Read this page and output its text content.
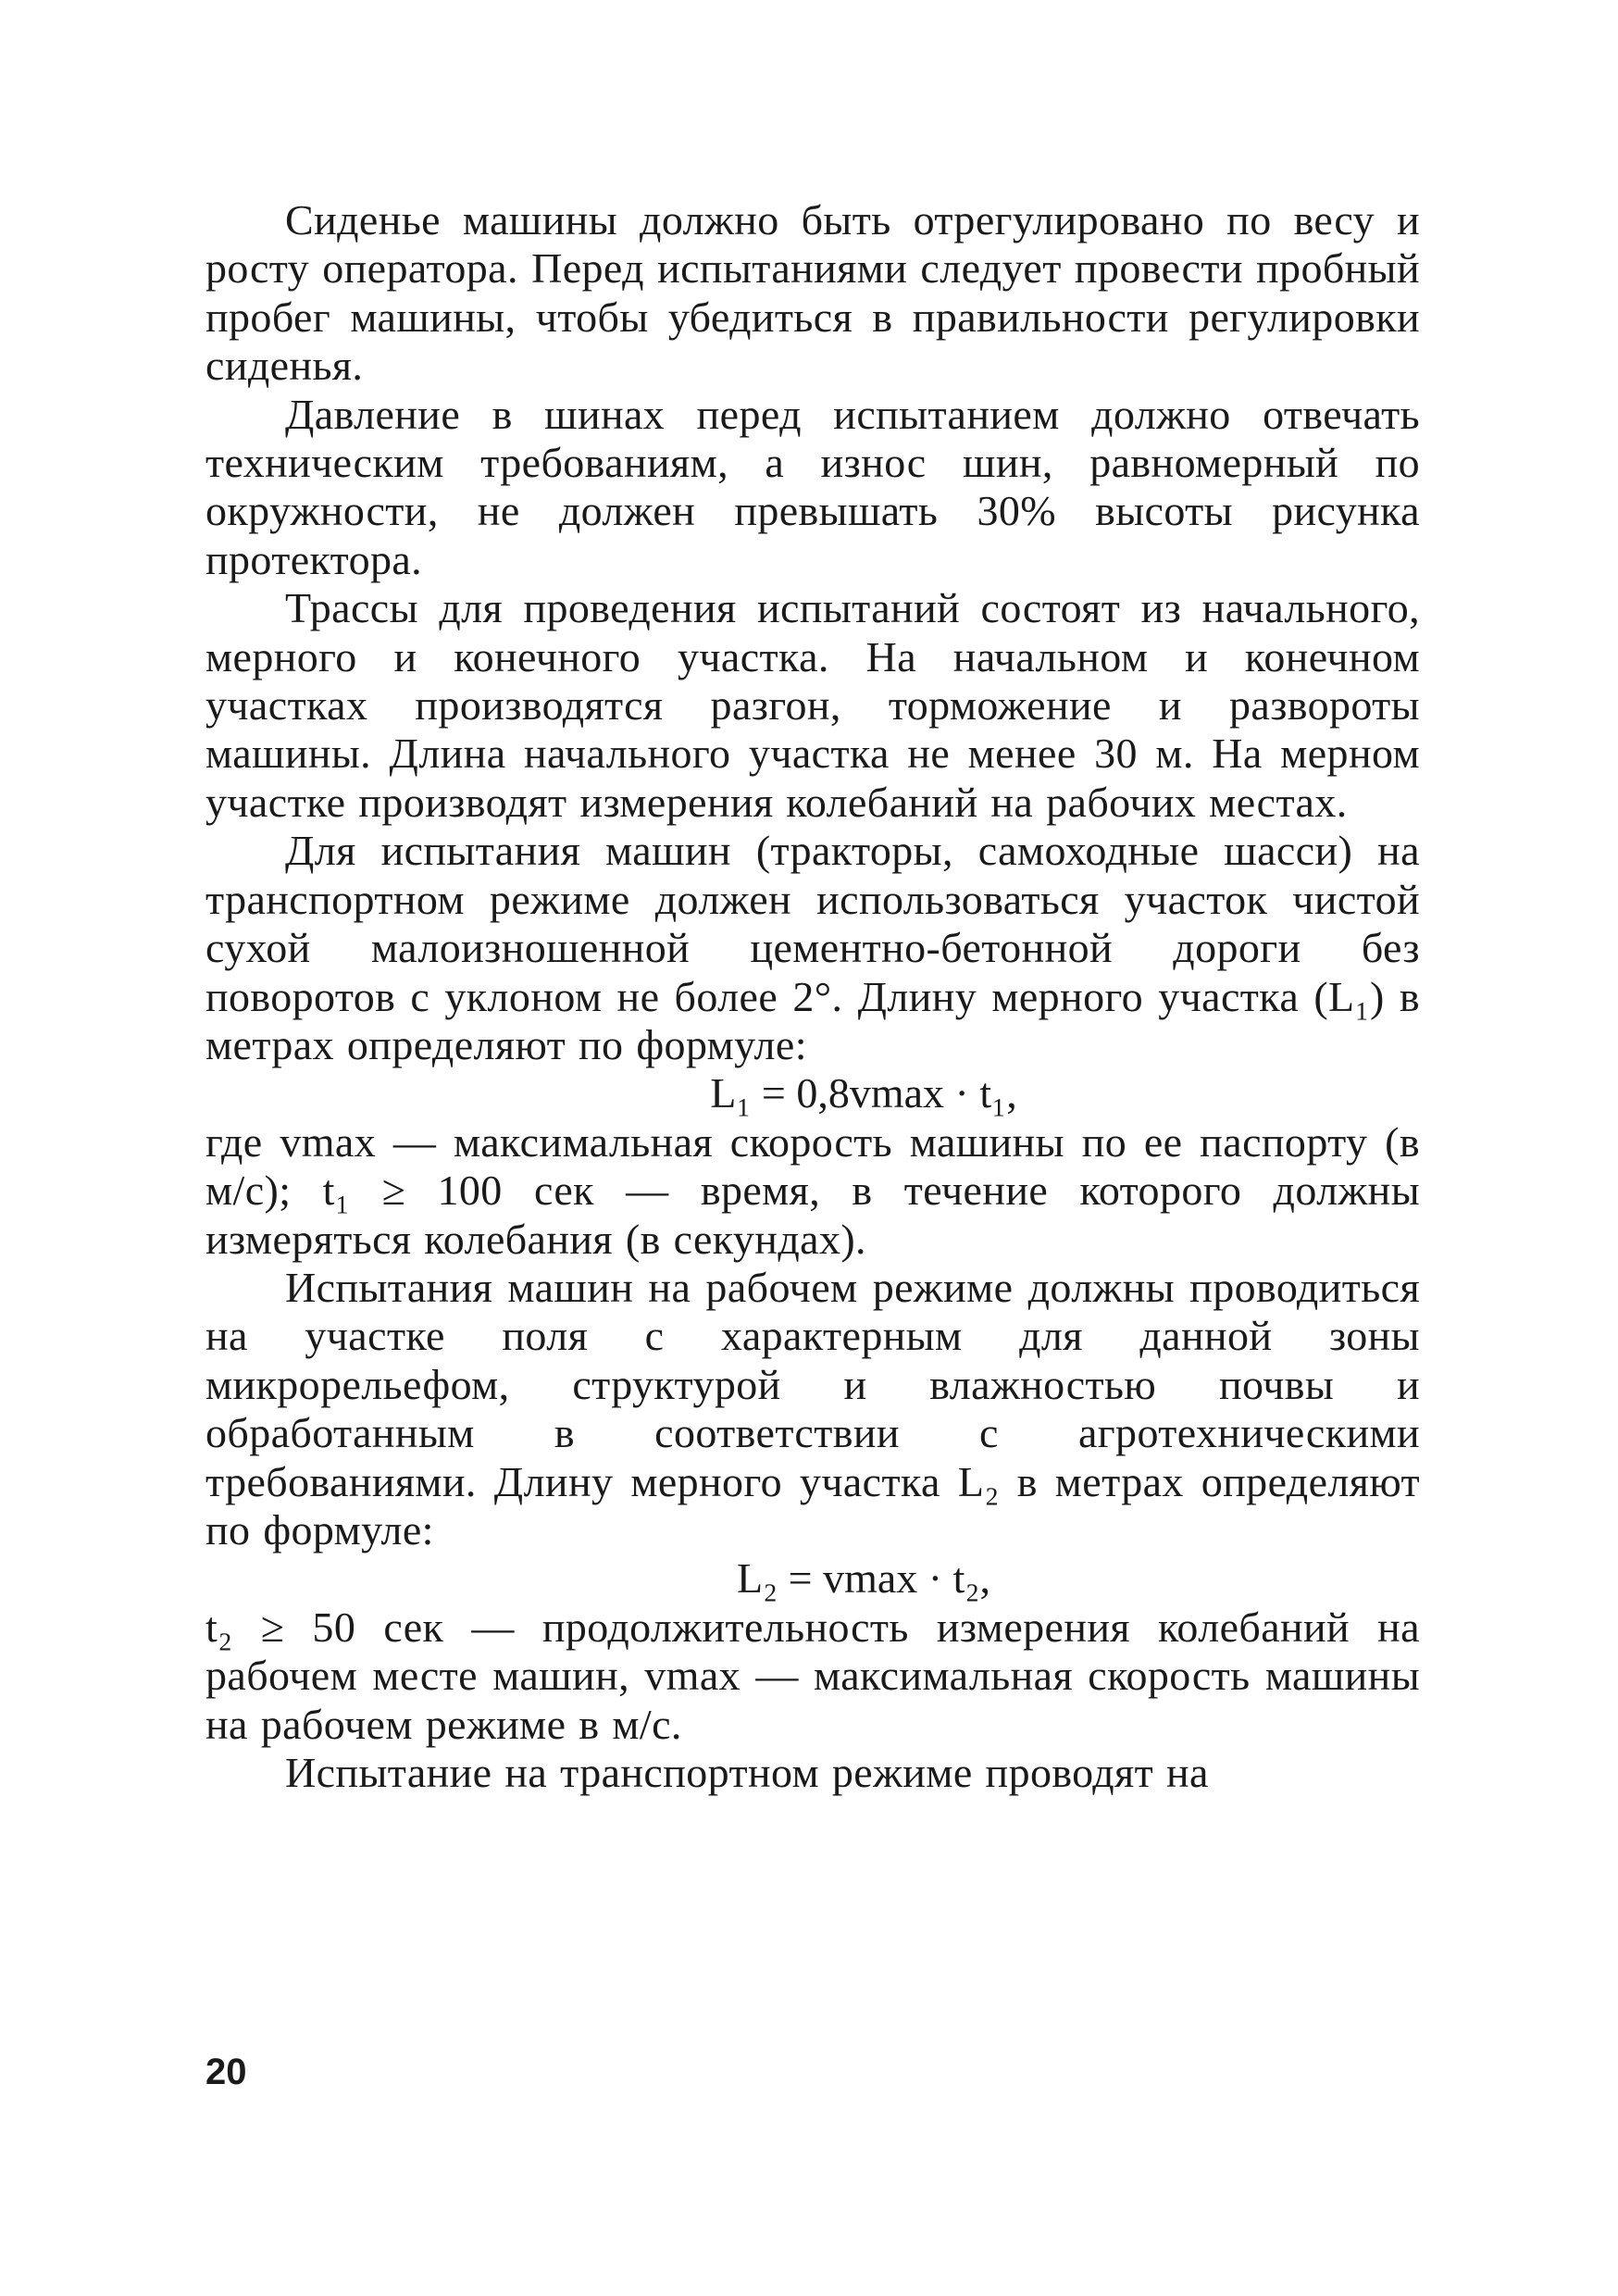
Сиденье машины должно быть отрегулировано по весу и росту оператора. Перед испытаниями следует провести пробный пробег машины, чтобы убедиться в правильности регулировки сиденья.

Давление в шинах перед испытанием должно отвечать техническим требованиям, а износ шин, равномерный по окружности, не должен превышать 30% высоты рисунка протектора.

Трассы для проведения испытаний состоят из начального, мерного и конечного участка. На начальном и конечном участках производятся разгон, торможение и развороты машины. Длина начального участка не менее 30 м. На мерном участке производят измерения колебаний на рабочих местах.

Для испытания машин (тракторы, самоходные шасси) на транспортном режиме должен использоваться участок чистой сухой малоизношенной цементно-бетонной дороги без поворотов с уклоном не более 2°. Длину мерного участка (L₁) в метрах определяют по формуле:

L₁ = 0,8vmax · t₁,

где vmax — максимальная скорость машины по ее паспорту (в м/с); t₁ ≥ 100 сек — время, в течение которого должны измеряться колебания (в секундах).

Испытания машин на рабочем режиме должны проводиться на участке поля с характерным для данной зоны микрорельефом, структурой и влажностью почвы и обработанным в соответствии с агротехническими требованиями. Длину мерного участка L₂ в метрах определяют по формуле:

L₂ = vmax · t₂,

t₂ ≥ 50 сек — продолжительность измерения колебаний на рабочем месте машин, vmax — максимальная скорость машины на рабочем режиме в м/с.

Испытание на транспортном режиме проводят на

20
